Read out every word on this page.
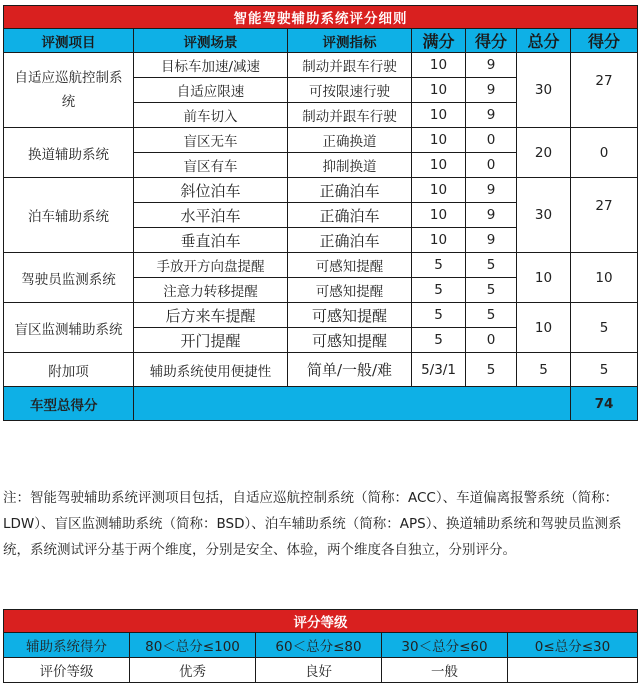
智能驾驶辅助系统评分细则						
评测项目	评测场景	评测指标	满分	得分	总分	得分
自适应巡航控制系统	目标车加速/减速	制动并跟车行驶	10	9	30	27
	自适应限速	可按限速行驶	10	9		
	前车切入	制动并跟车行驶	10	9		
换道辅助系统	盲区无车	正确换道	10	0	20	0
	盲区有车	抑制换道	10	0		
泊车辅助系统	斜位泊车	正确泊车	10	9	30	27
	水平泊车	正确泊车	10	9		
	垂直泊车	正确泊车	10	9		
驾驶员监测系统	手放开方向盘提醒	可感知提醒	5	5	10	10
	注意力转移提醒	可感知提醒	5	5		
盲区监测辅助系统	后方来车提醒	可感知提醒	5	5	10	5
	开门提醒	可感知提醒	5	0		
附加项	辅助系统使用便捷性	简单/一般/难	5/3/1	5	5	5
车型总得分						74

注：智能驾驶辅助系统评测项目包括，自适应巡航控制系统（简称：ACC）、车道偏离报警系统（简称：LDW）、盲区监测辅助系统（简称：BSD）、泊车辅助系统（简称：APS）、换道辅助系统和驾驶员监测系统，系统测试评分基于两个维度，分别是安全、体验，两个维度各自独立，分别评分。

评分等级				
辅助系统得分	80＜总分≤100	60＜总分≤80	30＜总分≤60	0≤总分≤30
评价等级	优秀	良好	一般	
